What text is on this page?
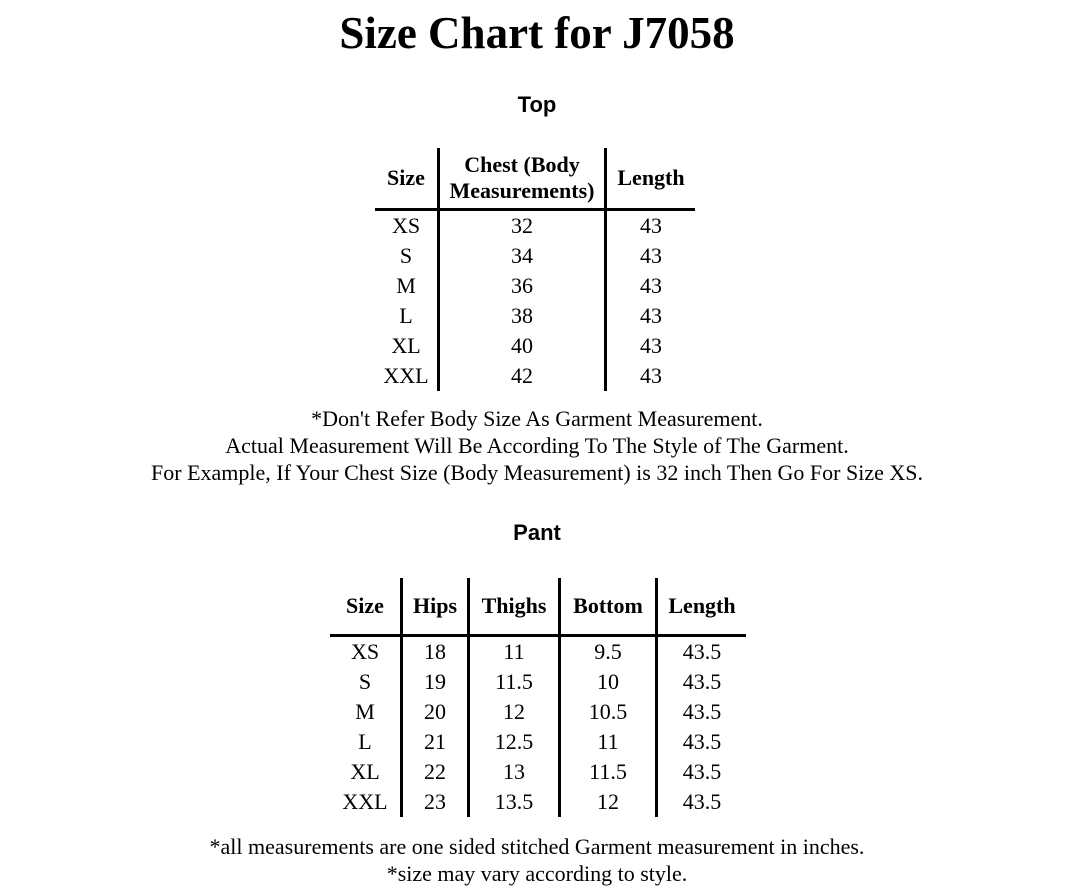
Size Chart for J7058
Top
Size	Chest (Body Measurements)	Length
XS	32	43
S	34	43
M	36	43
L	38	43
XL	40	43
XXL	42	43
*Don't Refer Body Size As Garment Measurement.
Actual Measurement Will Be According To The Style of The Garment.
For Example, If Your Chest Size (Body Measurement) is 32 inch Then Go For Size XS.
Pant
Size	Hips	Thighs	Bottom	Length
XS	18	11	9.5	43.5
S	19	11.5	10	43.5
M	20	12	10.5	43.5
L	21	12.5	11	43.5
XL	22	13	11.5	43.5
XXL	23	13.5	12	43.5
*all measurements are one sided stitched Garment measurement in inches.
*size may vary according to style.
